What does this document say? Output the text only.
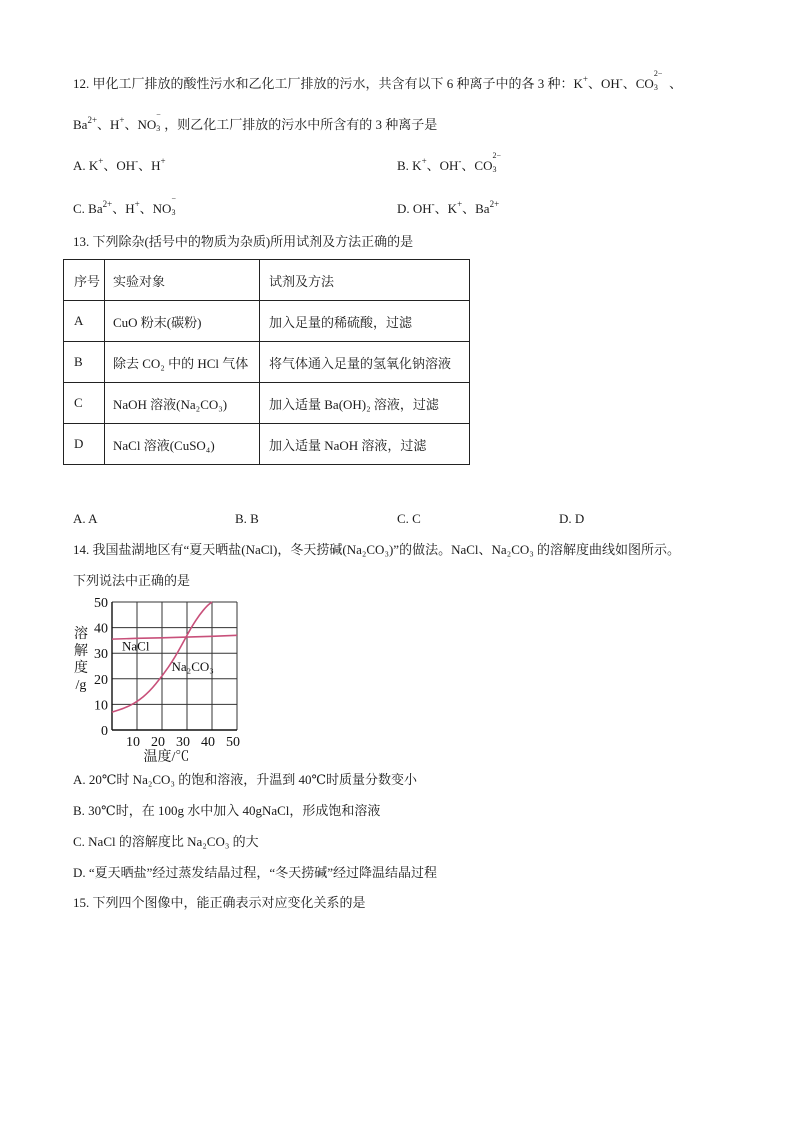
12. 甲化工厂排放的酸性污水和乙化工厂排放的污水，共含有以下 6 种离子中的各 3 种：K+、OH-、CO
2−
3 、
$Ba^{2+}$、H+、NO
−
3 ，则乙化工厂排放的污水中所含有的 3 种离子是
A. K+、OH-、H+	B. K+、OH-、CO
2−
3
C. $Ba^{2+}$、H+、NO
−
3	D. OH-、K+、$Ba^{2+}$
13. 下列除杂(括号中的物质为杂质)所用试剂及方法正确的是
序号	实验对象	试剂及方法
A	CuO 粉末(碳粉)	加入足量的稀硫酸，过滤
B	除去 CO₂ 中的 HCl 气体	将气体通入足量的氢氧化钠溶液
C	NaOH 溶液(Na₂CO₃)	加入适量 Ba(OH)₂ 溶液，过滤
D	NaCl 溶液(CuSO₄)	加入适量 NaOH 溶液，过滤
A. A	B. B	C. C	D. D
14. 我国盐湖地区有“夏天晒盐(NaCl)，冬天捞碱(Na₂CO₃)”的做法。NaCl、Na₂CO₃ 的溶解度曲线如图所示。
下列说法中正确的是
10 20 30 40 50
0
10
20
30
40
50
温度/℃
溶
解
度
/g
NaCl
Na₂CO₃
A. 20℃时 Na₂CO₃ 的饱和溶液，升温到 40℃时质量分数变小
B. 30℃时，在 100g 水中加入 40gNaCl，形成饱和溶液
C. NaCl 的溶解度比 Na₂CO₃ 的大
D. “夏天晒盐”经过蒸发结晶过程，“冬天捞碱”经过降温结晶过程
15. 下列四个图像中，能正确表示对应变化关系的是
